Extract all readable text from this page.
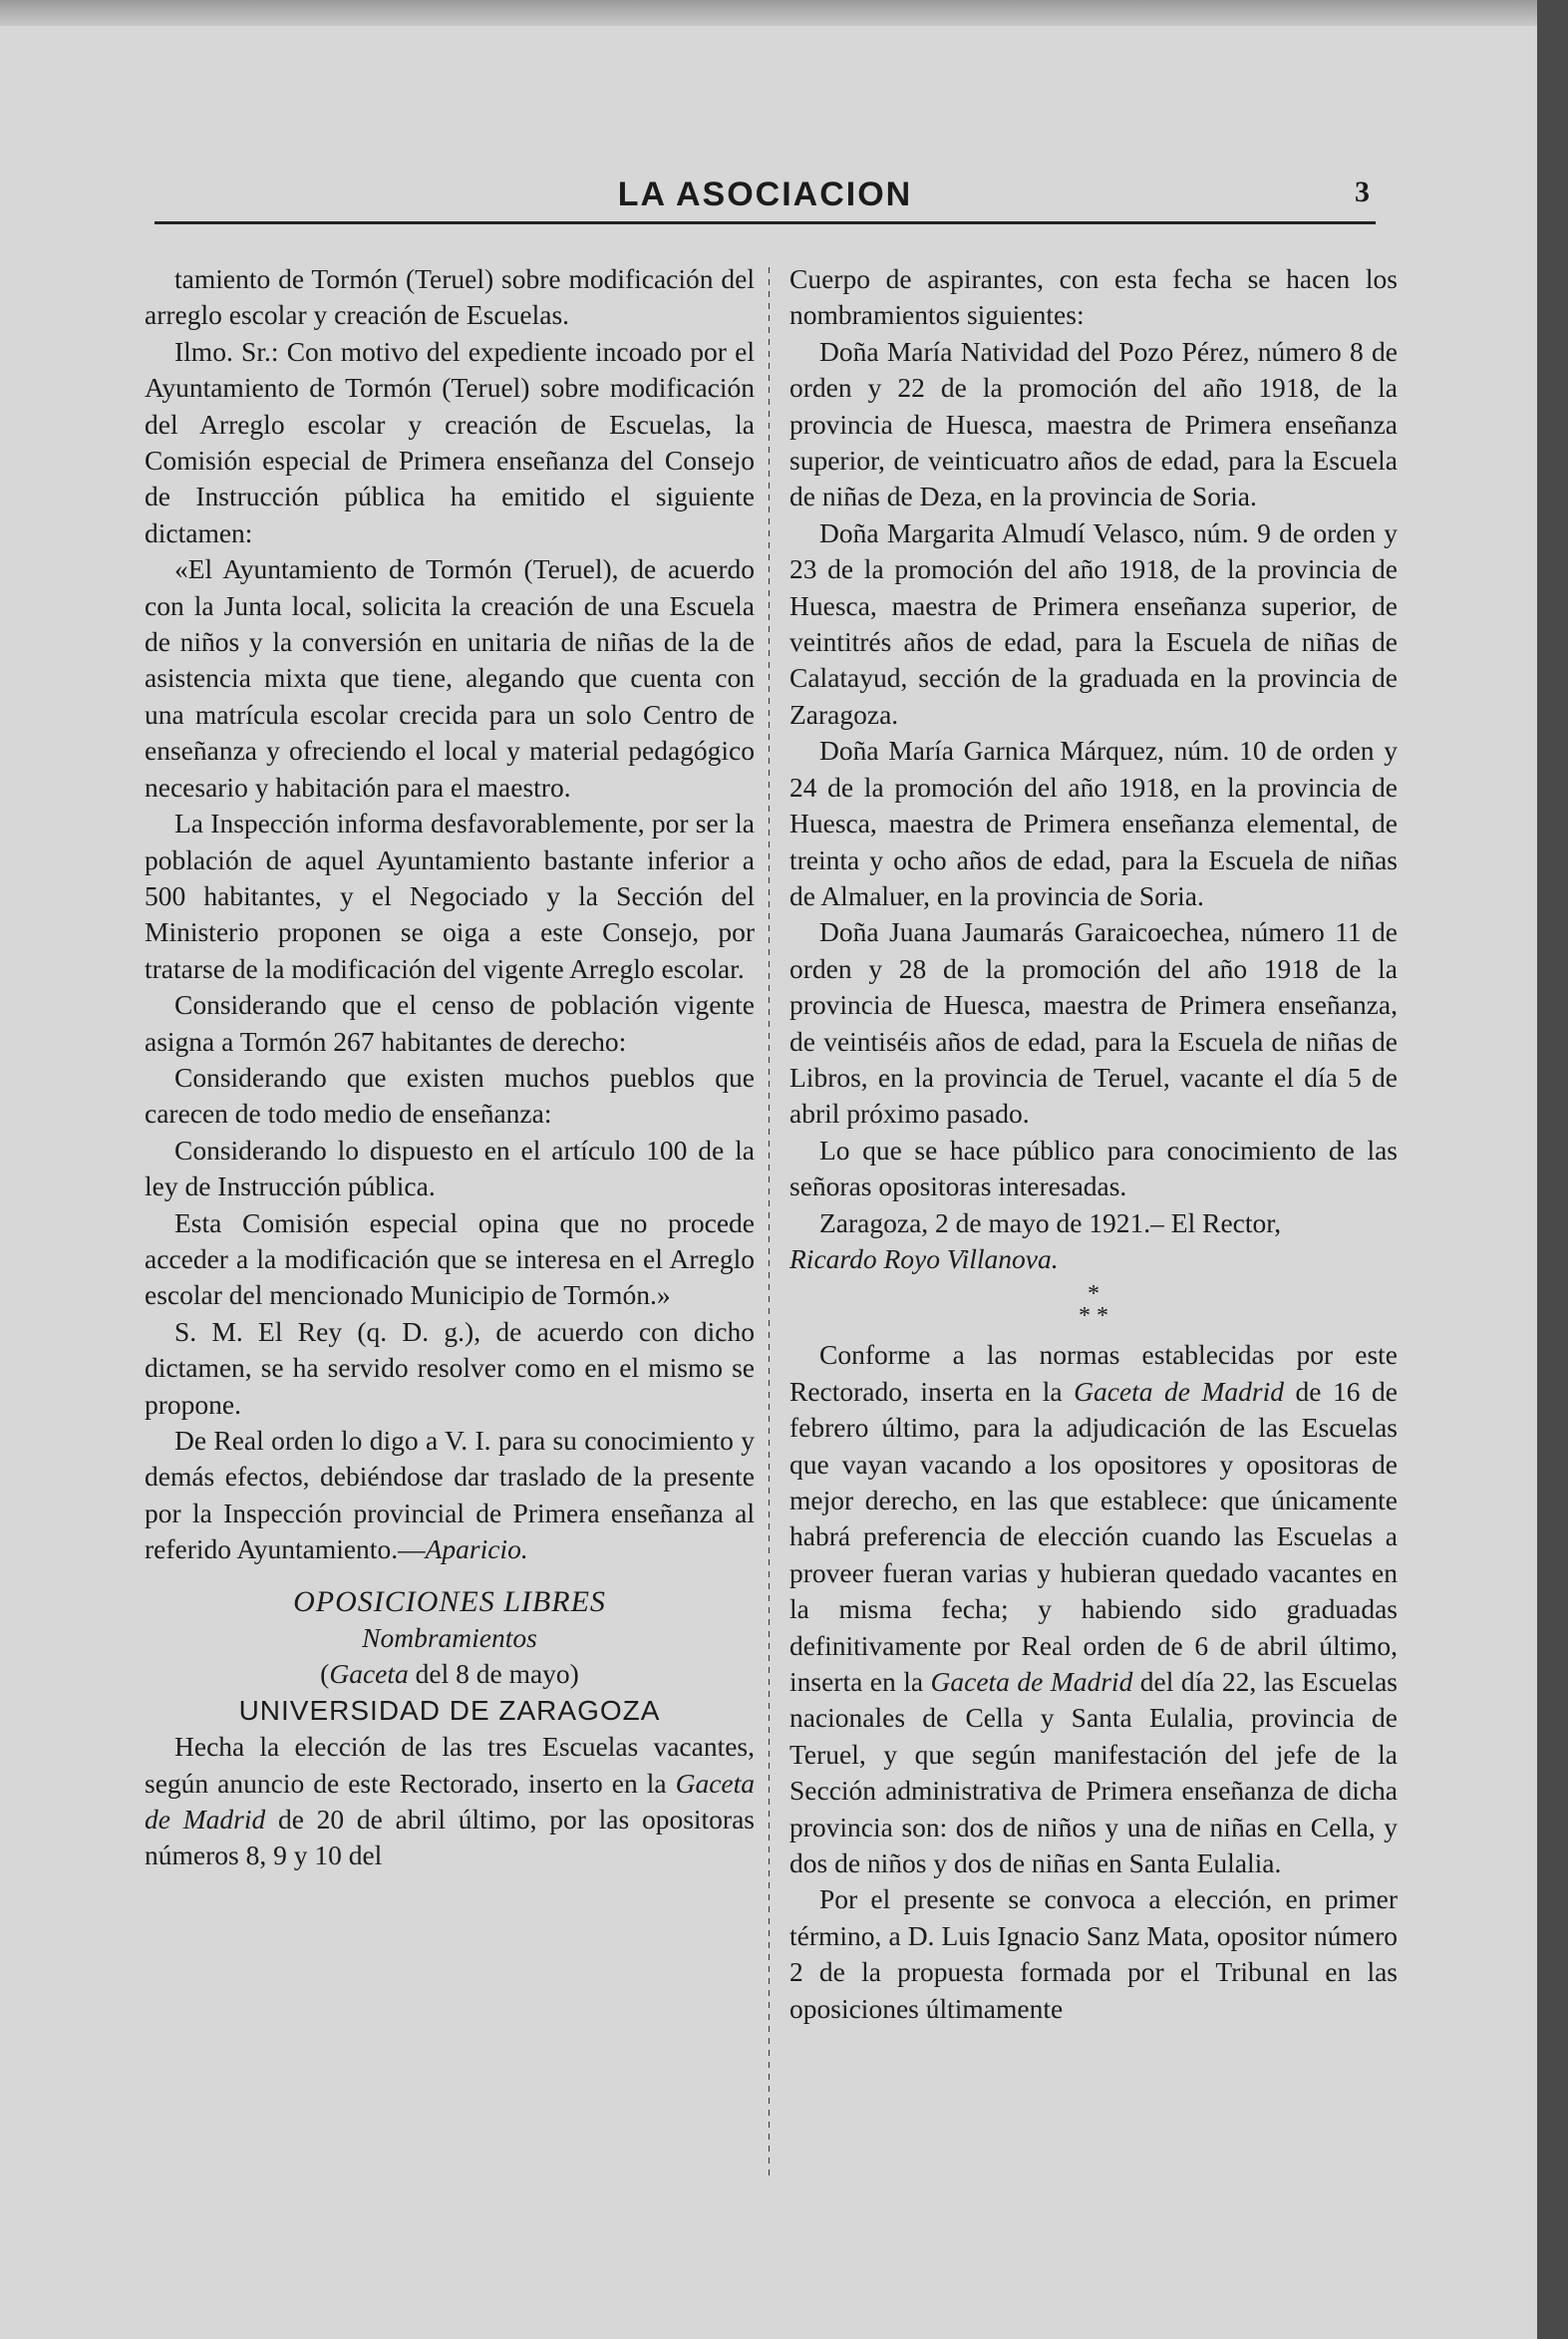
LA ASOCIACION	3

tamiento de Tormón (Teruel) sobre modificación del arreglo escolar y creación de Escuelas.

Ilmo. Sr.: Con motivo del expediente incoado por el Ayuntamiento de Tormón (Teruel) sobre modificación del Arreglo escolar y creación de Escuelas, la Comisión especial de Primera enseñanza del Consejo de Instrucción pública ha emitido el siguiente dictamen:

«El Ayuntamiento de Tormón (Teruel), de acuerdo con la Junta local, solicita la creación de una Escuela de niños y la conversión en unitaria de niñas de la de asistencia mixta que tiene, alegando que cuenta con una matrícula escolar crecida para un solo Centro de enseñanza y ofreciendo el local y material pedagógico necesario y habitación para el maestro.

La Inspección informa desfavorablemente, por ser la población de aquel Ayuntamiento bastante inferior a 500 habitantes, y el Negociado y la Sección del Ministerio proponen se oiga a este Consejo, por tratarse de la modificación del vigente Arreglo escolar.

Considerando que el censo de población vigente asigna a Tormón 267 habitantes de derecho:

Considerando que existen muchos pueblos que carecen de todo medio de enseñanza:

Considerando lo dispuesto en el artículo 100 de la ley de Instrucción pública.

Esta Comisión especial opina que no procede acceder a la modificación que se interesa en el Arreglo escolar del mencionado Municipio de Tormón.»

S. M. El Rey (q. D. g.), de acuerdo con dicho dictamen, se ha servido resolver como en el mismo se propone.

De Real orden lo digo a V. I. para su conocimiento y demás efectos, debiéndose dar traslado de la presente por la Inspección provincial de Primera enseñanza al referido Ayuntamiento.—Aparicio.

OPOSICIONES LIBRES

Nombramientos

(Gaceta del 8 de mayo)

UNIVERSIDAD DE ZARAGOZA

Hecha la elección de las tres Escuelas vacantes, según anuncio de este Rectorado, inserto en la Gaceta de Madrid de 20 de abril último, por las opositoras números 8, 9 y 10 del

Cuerpo de aspirantes, con esta fecha se hacen los nombramientos siguientes:

Doña María Natividad del Pozo Pérez, número 8 de orden y 22 de la promoción del año 1918, de la provincia de Huesca, maestra de Primera enseñanza superior, de veinticuatro años de edad, para la Escuela de niñas de Deza, en la provincia de Soria.

Doña Margarita Almudí Velasco, núm. 9 de orden y 23 de la promoción del año 1918, de la provincia de Huesca, maestra de Primera enseñanza superior, de veintitrés años de edad, para la Escuela de niñas de Calatayud, sección de la graduada en la provincia de Zaragoza.

Doña María Garnica Márquez, núm. 10 de orden y 24 de la promoción del año 1918, en la provincia de Huesca, maestra de Primera enseñanza elemental, de treinta y ocho años de edad, para la Escuela de niñas de Almaluer, en la provincia de Soria.

Doña Juana Jaumarás Garaicoechea, número 11 de orden y 28 de la promoción del año 1918 de la provincia de Huesca, maestra de Primera enseñanza, de veintiséis años de edad, para la Escuela de niñas de Libros, en la provincia de Teruel, vacante el día 5 de abril próximo pasado.

Lo que se hace público para conocimiento de las señoras opositoras interesadas.

Zaragoza, 2 de mayo de 1921.– El Rector,

Ricardo Royo Villanova.

*
* *

Conforme a las normas establecidas por este Rectorado, inserta en la Gaceta de Madrid de 16 de febrero último, para la adjudicación de las Escuelas que vayan vacando a los opositores y opositoras de mejor derecho, en las que establece: que únicamente habrá preferencia de elección cuando las Escuelas a proveer fueran varias y hubieran quedado vacantes en la misma fecha; y habiendo sido graduadas definitivamente por Real orden de 6 de abril último, inserta en la Gaceta de Madrid del día 22, las Escuelas nacionales de Cella y Santa Eulalia, provincia de Teruel, y que según manifestación del jefe de la Sección administrativa de Primera enseñanza de dicha provincia son: dos de niños y una de niñas en Cella, y dos de niños y dos de niñas en Santa Eulalia.

Por el presente se convoca a elección, en primer término, a D. Luis Ignacio Sanz Mata, opositor número 2 de la propuesta formada por el Tribunal en las oposiciones últimamente
